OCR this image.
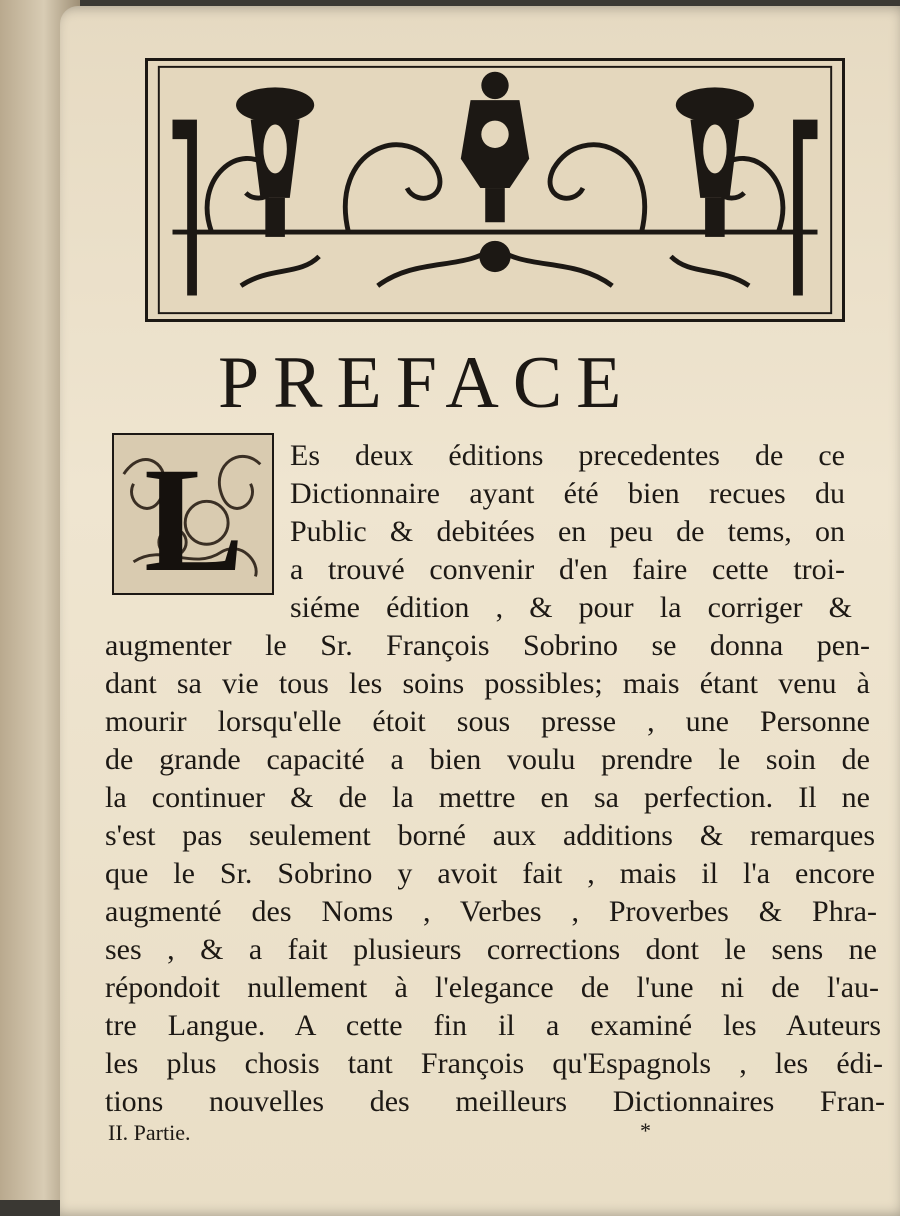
PREFACE
L Es deux éditions precedentes de ce
Dictionnaire ayant été bien recues du
Public & debitées en peu de tems, on
a trouvé convenir d'en faire cette troi-
siéme édition , & pour la corriger &
augmenter le Sr. François Sobrino se donna pen-
dant sa vie tous les soins possibles; mais étant venu à
mourir lorsqu'elle étoit sous presse , une Personne
de grande capacité a bien voulu prendre le soin de
la continuer & de la mettre en sa perfection. Il ne
s'est pas seulement borné aux additions & remarques
que le Sr. Sobrino y avoit fait , mais il l'a encore
augmenté des Noms , Verbes , Proverbes & Phra-
ses , & a fait plusieurs corrections dont le sens ne
répondoit nullement à l'elegance de l'une ni de l'au-
tre Langue. A cette fin il a examiné les Auteurs
les plus chosis tant François qu'Espagnols , les édi-
tions nouvelles des meilleurs Dictionnaires Fran-
II. Partie.	*
